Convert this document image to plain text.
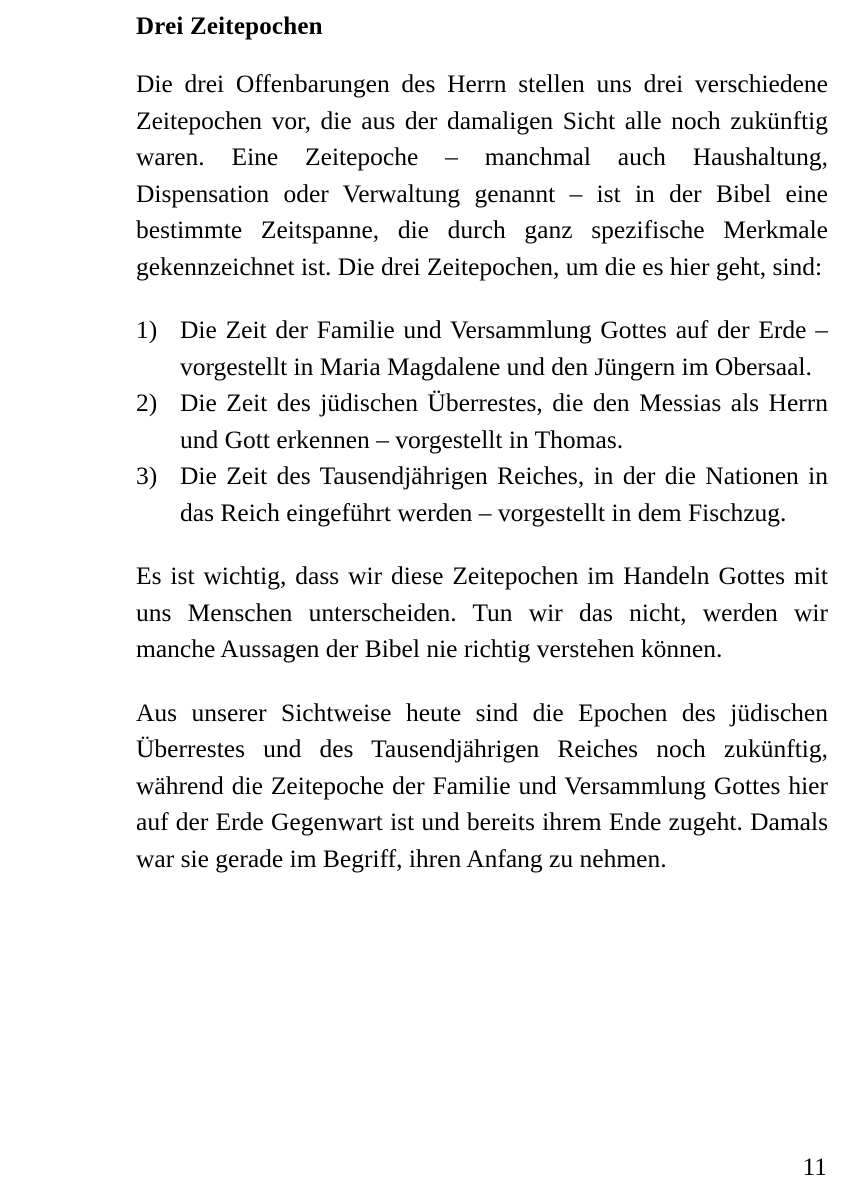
Drei Zeitepochen

Die drei Offenbarungen des Herrn stellen uns drei verschiedene Zeitepochen vor, die aus der damaligen Sicht alle noch zukünftig waren. Eine Zeitepoche – manchmal auch Haushaltung, Dispensation oder Verwaltung genannt – ist in der Bibel eine bestimmte Zeitspanne, die durch ganz spezifische Merkmale gekennzeichnet ist. Die drei Zeitepochen, um die es hier geht, sind:

1) Die Zeit der Familie und Versammlung Gottes auf der Erde – vorgestellt in Maria Magdalene und den Jüngern im Obersaal.
2) Die Zeit des jüdischen Überrestes, die den Messias als Herrn und Gott erkennen – vorgestellt in Thomas.
3) Die Zeit des Tausendjährigen Reiches, in der die Nationen in das Reich eingeführt werden – vorgestellt in dem Fischzug.

Es ist wichtig, dass wir diese Zeitepochen im Handeln Gottes mit uns Menschen unterscheiden. Tun wir das nicht, werden wir manche Aussagen der Bibel nie richtig verstehen können.

Aus unserer Sichtweise heute sind die Epochen des jüdischen Überrestes und des Tausendjährigen Reiches noch zukünftig, während die Zeitepoche der Familie und Versammlung Gottes hier auf der Erde Gegenwart ist und bereits ihrem Ende zugeht. Damals war sie gerade im Begriff, ihren Anfang zu nehmen.

11
